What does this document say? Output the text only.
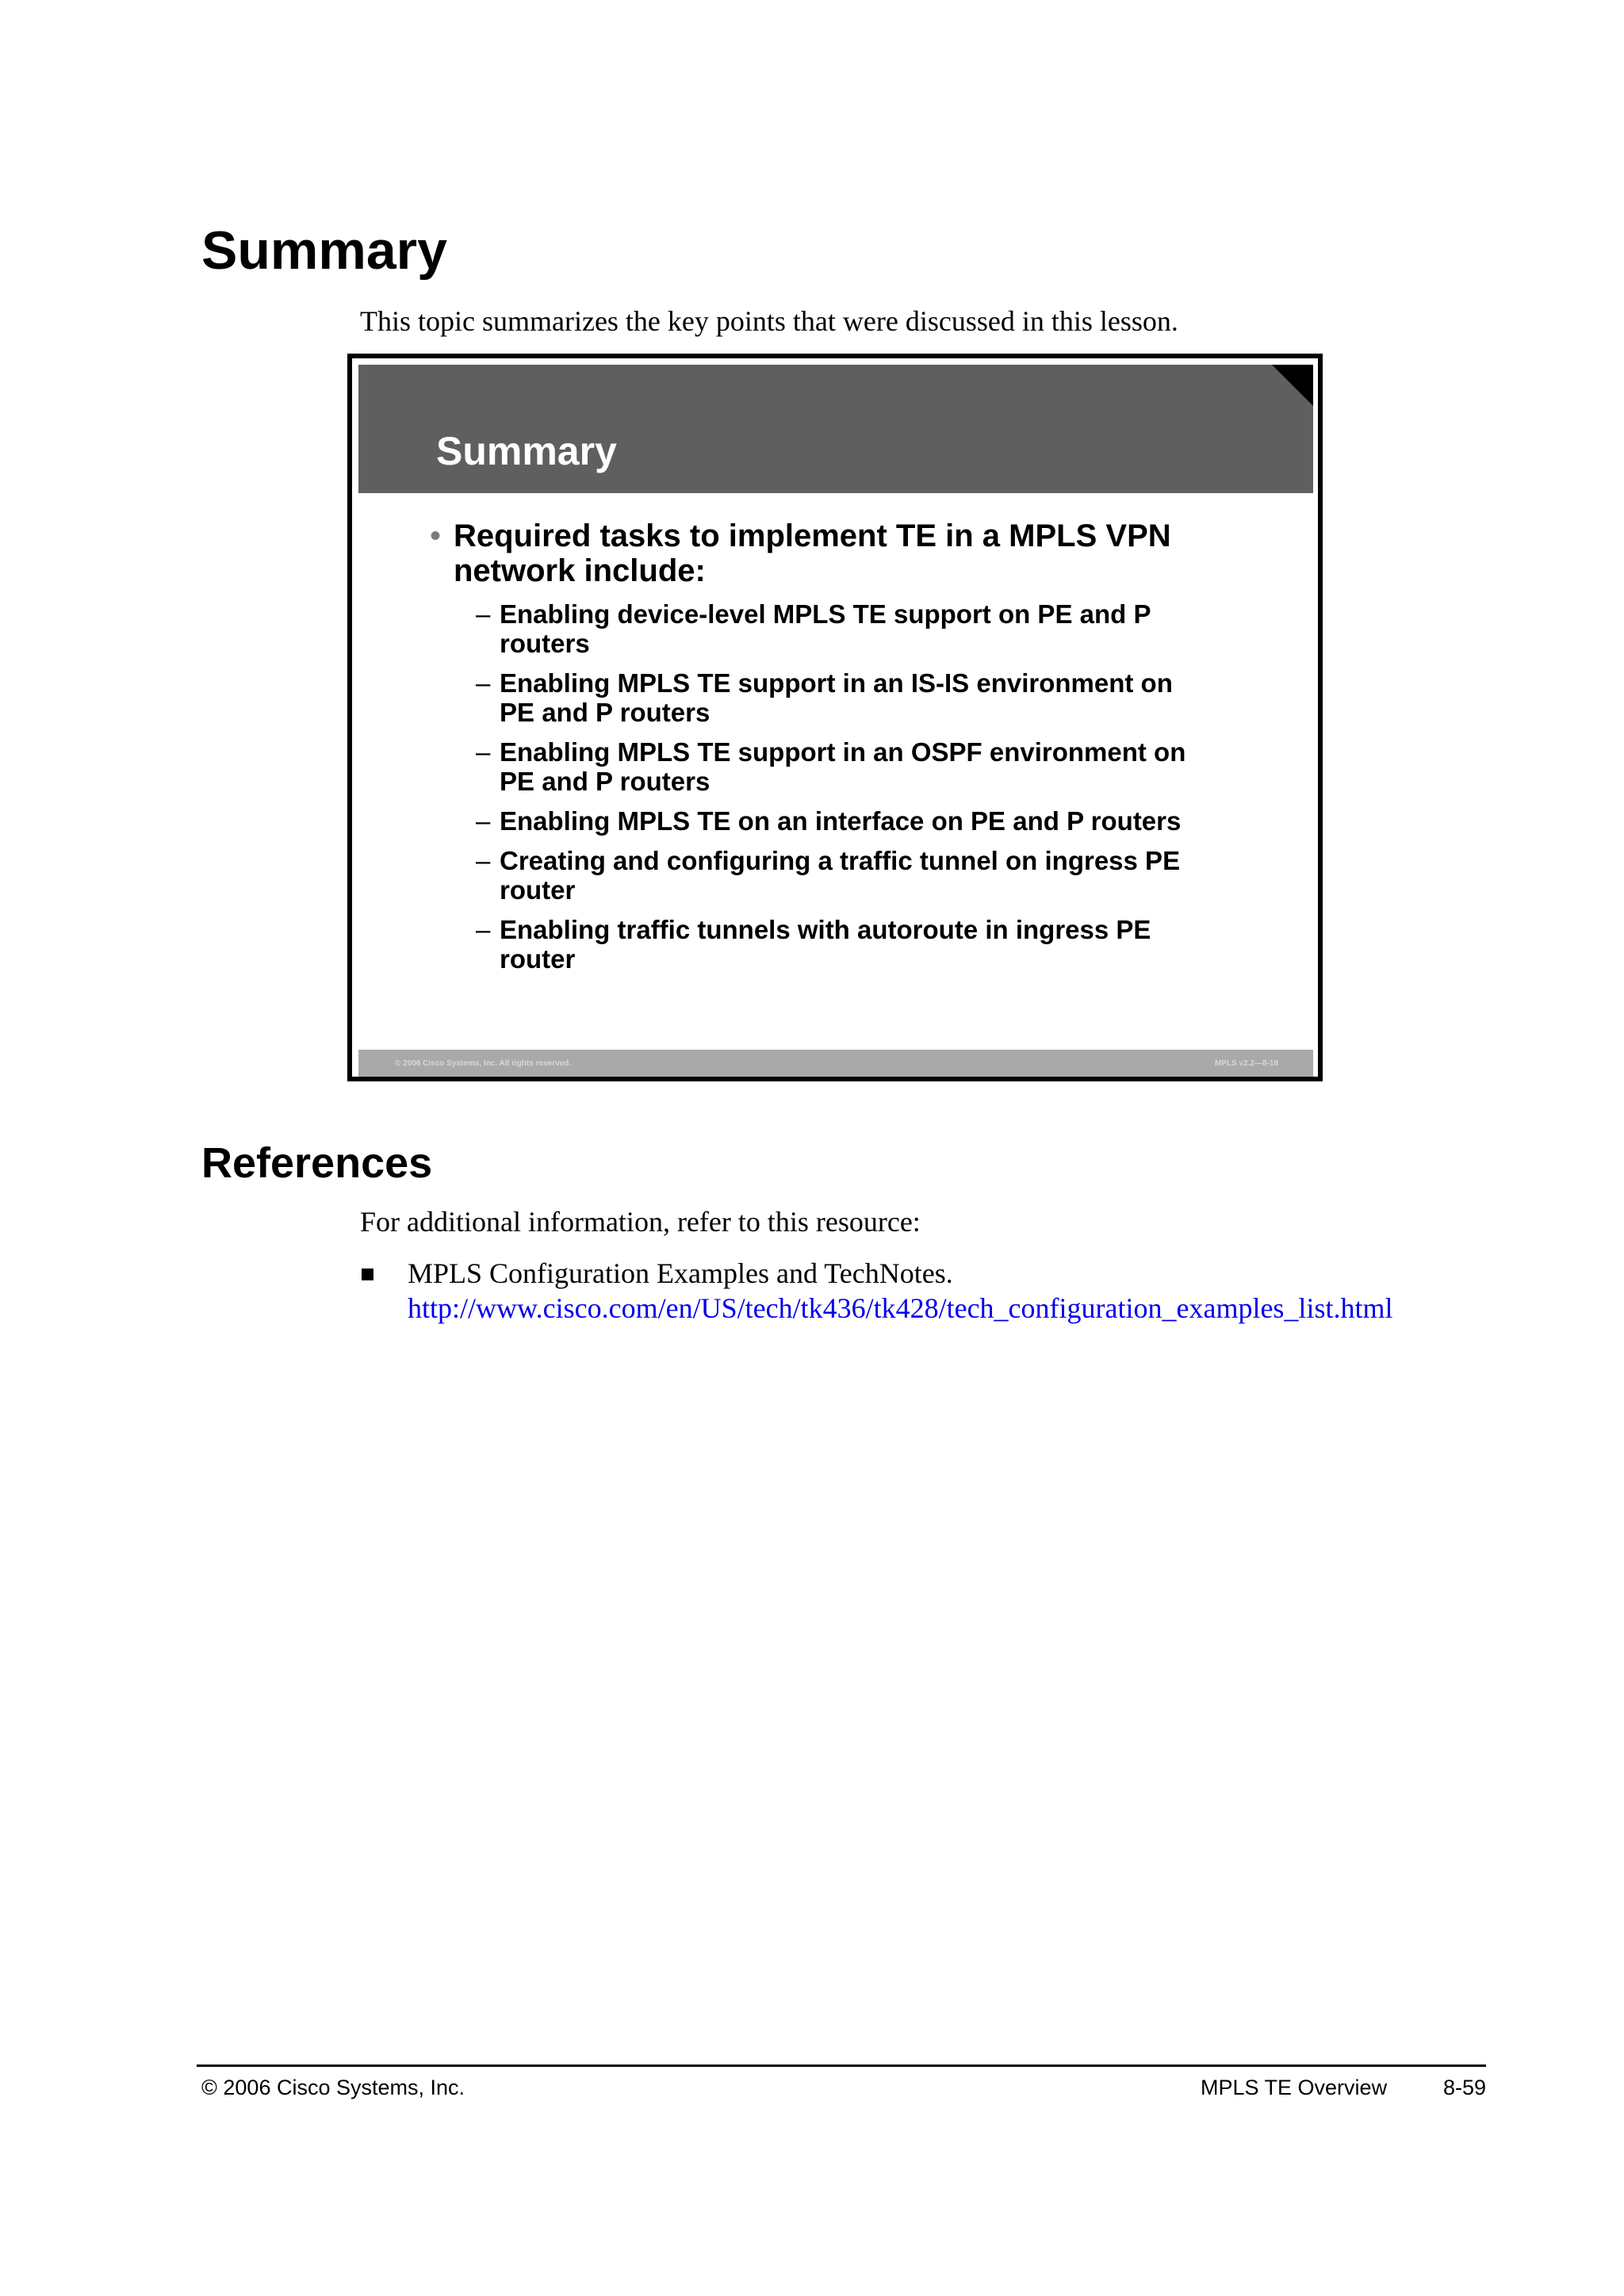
Summary

This topic summarizes the key points that were discussed in this lesson.

Summary
• Required tasks to implement TE in a MPLS VPN network include:
– Enabling device-level MPLS TE support on PE and P routers
– Enabling MPLS TE support in an IS-IS environment on PE and P routers
– Enabling MPLS TE support in an OSPF environment on PE and P routers
– Enabling MPLS TE on an interface on PE and P routers
– Creating and configuring a traffic tunnel on ingress PE router
– Enabling traffic tunnels with autoroute in ingress PE router
© 2006 Cisco Systems, Inc. All rights reserved.	MPLS v2.2—8-18
References

For additional information, refer to this resource:

MPLS Configuration Examples and TechNotes.
http://www.cisco.com/en/US/tech/tk436/tk428/tech_configuration_examples_list.html
© 2006 Cisco Systems, Inc.	MPLS TE Overview	8-59
